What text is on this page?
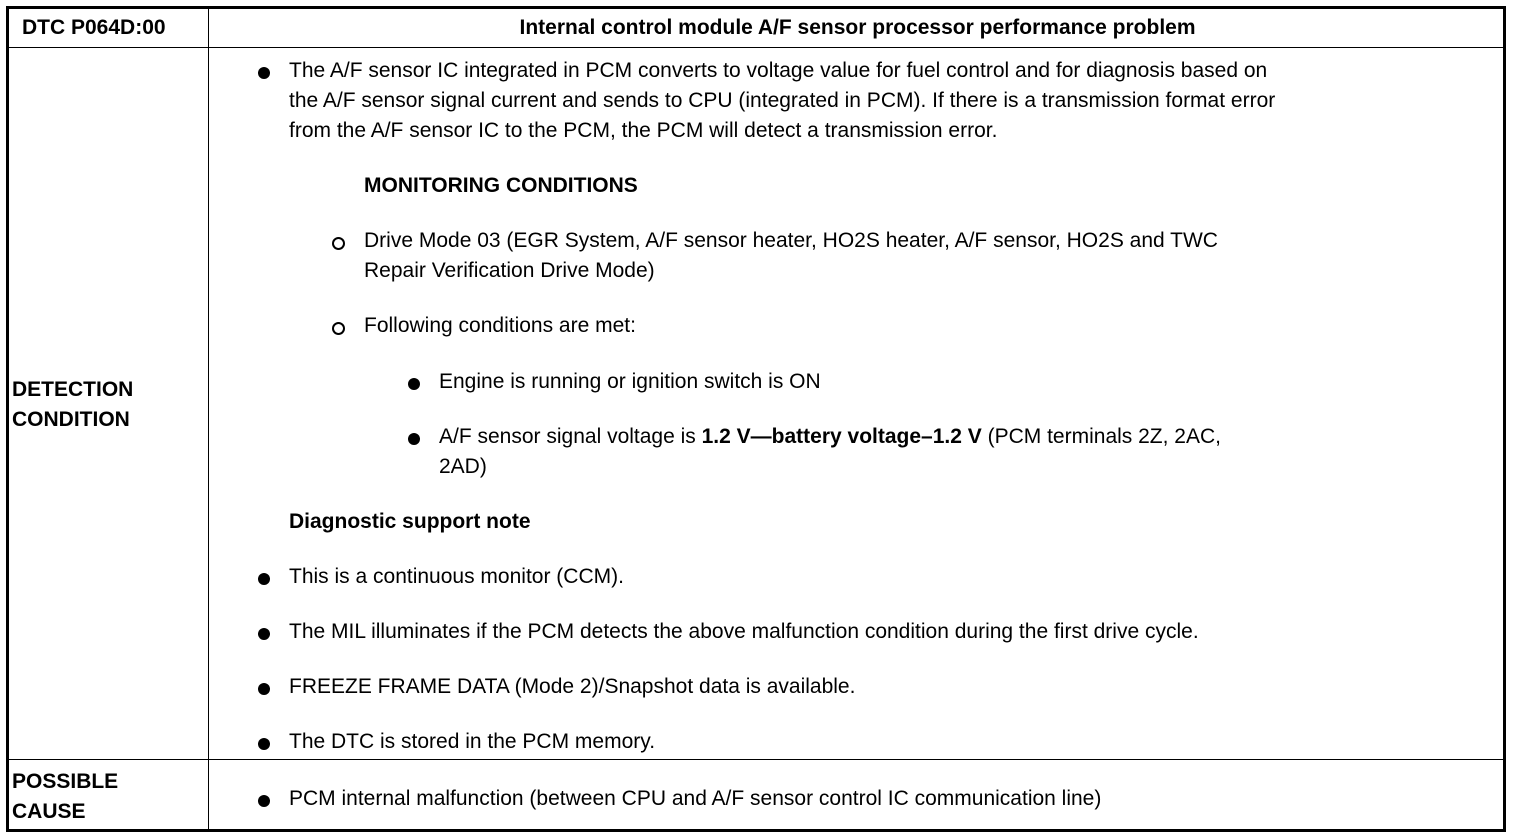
DTC P064D:00	Internal control module A/F sensor processor performance problem
DETECTION
CONDITION
The A/F sensor IC integrated in PCM converts to voltage value for fuel control and for diagnosis based on
the A/F sensor signal current and sends to CPU (integrated in PCM). If there is a transmission format error
from the A/F sensor IC to the PCM, the PCM will detect a transmission error.
MONITORING CONDITIONS
Drive Mode 03 (EGR System, A/F sensor heater, HO2S heater, A/F sensor, HO2S and TWC
Repair Verification Drive Mode)
Following conditions are met:
Engine is running or ignition switch is ON
A/F sensor signal voltage is 1.2 V—battery voltage–1.2 V (PCM terminals 2Z, 2AC,
2AD)
Diagnostic support note
This is a continuous monitor (CCM).
The MIL illuminates if the PCM detects the above malfunction condition during the first drive cycle.
FREEZE FRAME DATA (Mode 2)/Snapshot data is available.
The DTC is stored in the PCM memory.
POSSIBLE
CAUSE
PCM internal malfunction (between CPU and A/F sensor control IC communication line)
